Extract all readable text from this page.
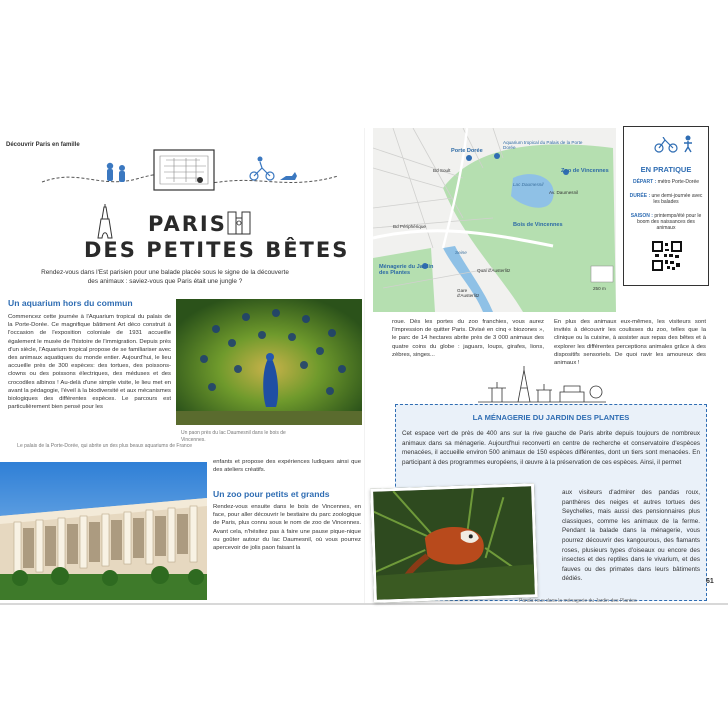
Découvrir Paris en famille
PARIS
DES PETITES BÊTES
Rendez-vous dans l'Est parisien pour une balade placée sous le signe de la découverte des animaux : saviez-vous que Paris était une jungle ?
Un aquarium hors du commun
Commencez cette journée à l'Aquarium tropical du palais de la Porte-Dorée. Ce magnifique bâtiment Art déco construit à l'occasion de l'exposition coloniale de 1931 accueille également le musée de l'histoire de l'immigration. Depuis près d'un siècle, l'Aquarium tropical propose de se familiariser avec des animaux aquatiques du monde entier. Aujourd'hui, le lieu accueille près de 300 espèces: des tortues, des poissons-clowns ou des poissons électriques, des méduses et des crocodiles albinos ! Au-delà d'une simple visite, le lieu met en avant la pédagogie, l'éveil à la biodiversité et aux mécanismes biologiques des différentes espèces. Le parcours est particulièrement bien pensé pour les
Un paon près du lac Daumesnil dans le bois de Vincennes.
Le palais de la Porte-Dorée, qui abrite un des plus beaux aquariums de France
enfants et propose des expériences ludiques ainsi que des ateliers créatifs.
Un zoo pour petits et grands
Rendez-vous ensuite dans le bois de Vincennes, en face, pour aller découvrir le bestiaire du parc zoologique de Paris, plus connu sous le nom de zoo de Vincennes. Avant cela, n'hésitez pas à faire une pause pique-nique ou goûter autour du lac Daumesnil, où vous pourrez apercevoir de jolis paon faisant la
Porte Dorée
Aquarium tropical du Palais de la Porte Dorée
Zoo de Vincennes
Lac Daumesnil
Bois de Vincennes
Ménagerie du Jardin des Plantes
Gare d'Austerlitz
Seine
Bd Périphérique
Bd Soult
Av. Daumesnil
Quai d'Austerlitz
250 m
EN PRATIQUE
DÉPART : métro Porte-Dorée
DURÉE : une demi-journée avec les balades
SAISON : printemps/été pour le boom des naissances des animaux
roue. Dès les portes du zoo franchies, vous aurez l'impression de quitter Paris. Divisé en cinq « biozones », le parc de 14 hectares abrite près de 3 000 animaux des quatre coins du globe : jaguars, loups, girafes, lions, zèbres, singes...
En plus des animaux eux-mêmes, les visiteurs sont invités à découvrir les coulisses du zoo, telles que la clinique ou la cuisine, à assister aux repas des bêtes et à explorer les différentes perceptions animales grâce à des dispositifs sensoriels. De quoi ravir les amoureux des animaux !
LA MÉNAGERIE DU JARDIN DES PLANTES
Cet espace vert de près de 400 ans sur la rive gauche de Paris abrite depuis toujours de nombreux animaux dans sa ménagerie. Aujourd'hui reconverti en centre de recherche et conservatoire d'espèces menacées, il accueille environ 500 animaux de 150 espèces différentes, dont un tiers sont menacées. En participant à des programmes européens, il œuvre à la préservation de ces espèces. Ainsi, il permet
aux visiteurs d'admirer des pandas roux, panthères des neiges et autres tortues des Seychelles, mais aussi des pensionnaires plus classiques, comme les animaux de la ferme. Pendant la balade dans la ménagerie, vous pourrez découvrir des kangourous, des flamants roses, plusieurs types d'oiseaux ou encore des insectes et des reptiles dans le vivarium, et des fauves ou des primates dans leurs bâtiments dédiés.
Panda roux dans la ménagerie du Jardin des Plantes
61
